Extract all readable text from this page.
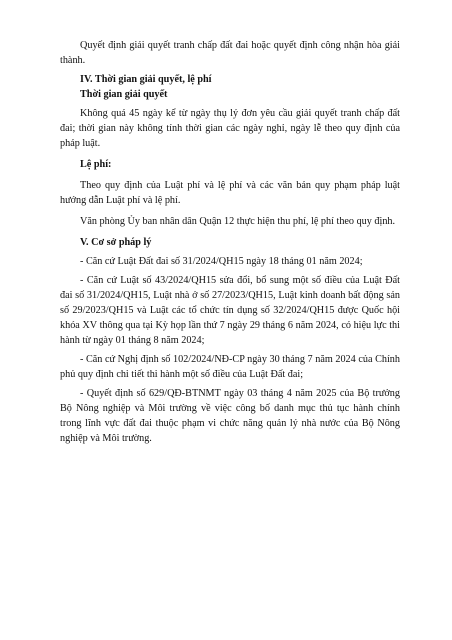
Quyết định giải quyết tranh chấp đất đai hoặc quyết định công nhận hòa giải thành.

IV. Thời gian giải quyết, lệ phí

Thời gian giải quyết

Không quá 45 ngày kể từ ngày thụ lý đơn yêu cầu giải quyết tranh chấp đất đai; thời gian này không tính thời gian các ngày nghỉ, ngày lễ theo quy định của pháp luật.

Lệ phí:

Theo quy định của Luật phí và lệ phí và các văn bản quy phạm pháp luật hướng dẫn Luật phí và lệ phí.

Văn phòng Ủy ban nhân dân Quận 12 thực hiện thu phí, lệ phí theo quy định.

V. Cơ sở pháp lý

- Căn cứ Luật Đất đai số 31/2024/QH15 ngày 18 tháng 01 năm 2024;

- Căn cứ Luật số 43/2024/QH15 sửa đổi, bổ sung một số điều của Luật Đất đai số 31/2024/QH15, Luật nhà ở số 27/2023/QH15, Luật kinh doanh bất động sản số 29/2023/QH15 và Luật các tổ chức tín dụng số 32/2024/QH15 được Quốc hội khóa XV thông qua tại Kỳ họp lần thứ 7 ngày 29 tháng 6 năm 2024, có hiệu lực thi hành từ ngày 01 tháng 8 năm 2024;

- Căn cứ Nghị định số 102/2024/NĐ-CP ngày 30 tháng 7 năm 2024 của Chính phủ quy định chi tiết thi hành một số điều của Luật Đất đai;

- Quyết định số 629/QĐ-BTNMT ngày 03 tháng 4 năm 2025 của Bộ trưởng Bộ Nông nghiệp và Môi trường về việc công bố danh mục thủ tục hành chính trong lĩnh vực đất đai thuộc phạm vi chức năng quản lý nhà nước của Bộ Nông nghiệp và Môi trường.
